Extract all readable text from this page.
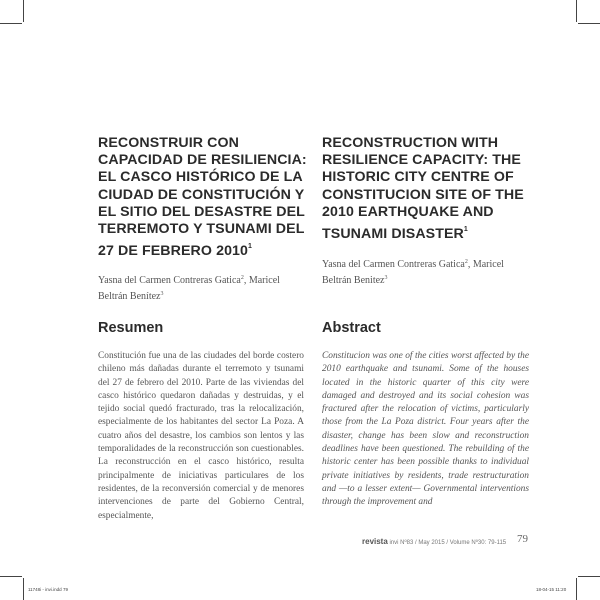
RECONSTRUIR CON CAPACIDAD DE RESILIENCIA: EL CASCO HISTÓRICO DE LA CIUDAD DE CONSTITUCIÓN Y EL SITIO DEL DESASTRE DEL TERREMOTO Y TSUNAMI DEL 27 DE FEBRERO 2010$^1$
Yasna del Carmen Contreras Gatica$^2$, Maricel
Beltrán Benítez$^3$
Resumen

Constitución fue una de las ciudades del borde costero chileno más dañadas durante el terremoto y tsunami del 27 de febrero del 2010. Parte de las viviendas del casco histórico quedaron dañadas y destruidas, y el tejido social quedó fracturado, tras la relocalización, especialmente de los habitantes del sector La Poza. A cuatro años del desastre, los cambios son lentos y las temporalidades de la reconstrucción son cuestionables. La reconstrucción en el casco histórico, resulta principalmente de iniciativas particulares de los residentes, de la reconversión comercial y de menores intervenciones de parte del Gobierno Central, especialmente,

RECONSTRUCTION WITH RESILIENCE CAPACITY: THE HISTORIC CITY CENTRE OF CONSTITUCION SITE OF THE 2010 EARTHQUAKE AND TSUNAMI DISASTER$^1$
Yasna del Carmen Contreras Gatica$^2$, Maricel
Beltrán Benitez$^3$
Abstract

Constitucion was one of the cities worst affected by the 2010 earthquake and tsunami. Some of the houses located in the historic quarter of this city were damaged and destroyed and its social cohesion was fractured after the relocation of victims, particularly those from the La Poza district. Four years after the disaster, change has been slow and reconstruction deadlines have been questioned. The rebuilding of the historic center has been possible thanks to individual private initiatives by residents, trade restructuration and —to a lesser extent— Governmental interventions through the improvement and

revista invi Nº83 / May 2015 / Volume Nº30: 79-115 79
11748i - invi.indd 79	18-04-15 11:20
